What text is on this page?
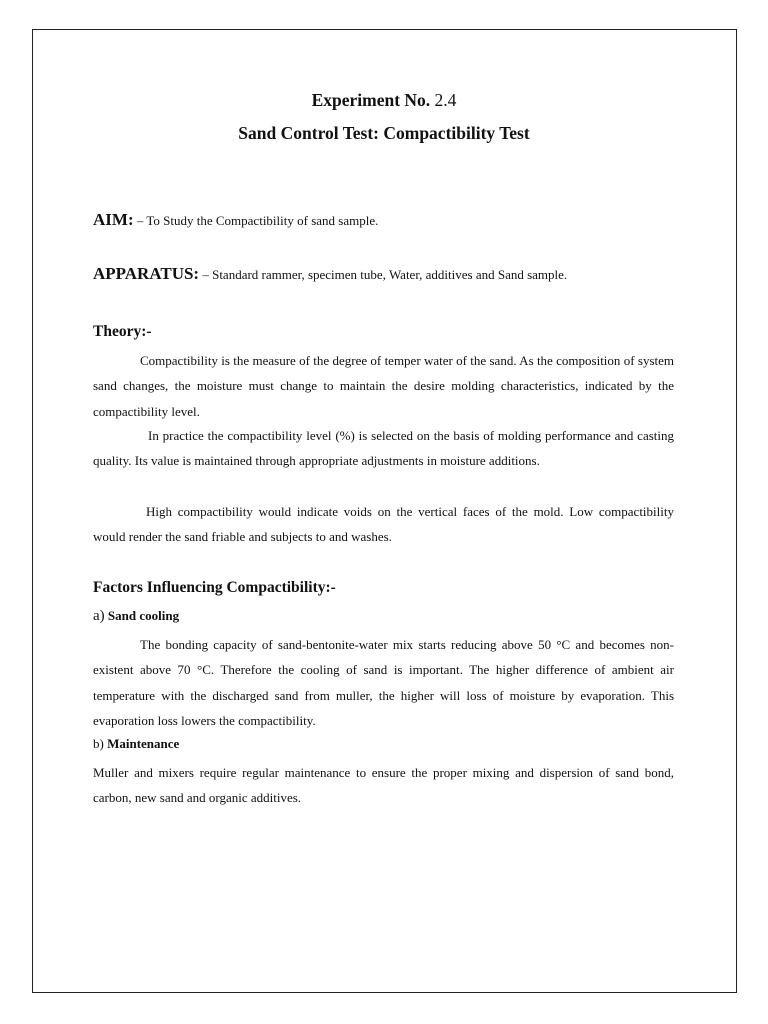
Experiment No. 2.4
Sand Control Test: Compactibility Test
AIM: – To Study the Compactibility of sand sample.
APPARATUS: – Standard rammer, specimen tube, Water, additives and Sand sample.
Theory:-

Compactibility is the measure of the degree of temper water of the sand. As the composition of system sand changes, the moisture must change to maintain the desire molding characteristics, indicated by the compactibility level.

In practice the compactibility level (%) is selected on the basis of molding performance and casting quality. Its value is maintained through appropriate adjustments in moisture additions.

High compactibility would indicate voids on the vertical faces of the mold. Low compactibility would render the sand friable and subjects to and washes.

Factors Influencing Compactibility:-
a) Sand cooling

The bonding capacity of sand-bentonite-water mix starts reducing above 50 °C and becomes non-existent above 70 °C. Therefore the cooling of sand is important. The higher difference of ambient air temperature with the discharged sand from muller, the higher will loss of moisture by evaporation. This evaporation loss lowers the compactibility.

b) Maintenance

Muller and mixers require regular maintenance to ensure the proper mixing and dispersion of sand bond, carbon, new sand and organic additives.
